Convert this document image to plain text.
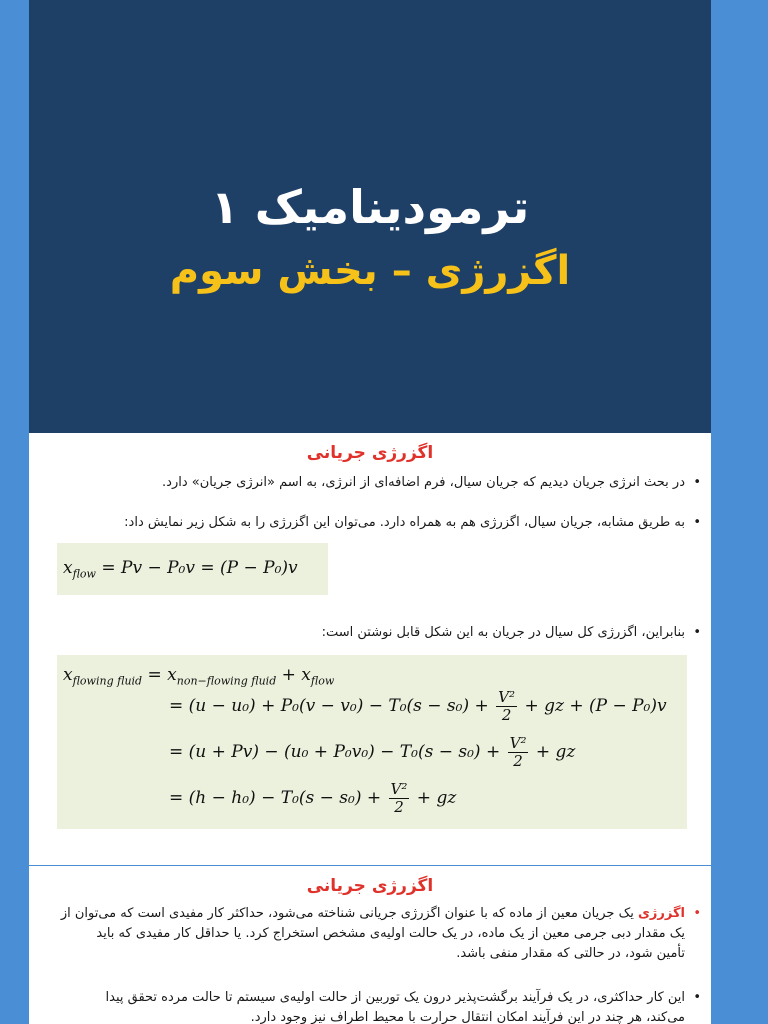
ترمودینامیک ۱
اگزرژی – بخش سوم
اگزرژی جریانی
•در بحث انرژی جریان دیدیم که جریان سیال، فرم اضافه‌ای از انرژی، به اسم «انرژی جریان» دارد.
•به طریق مشابه، جریان سیال، اگزرژی هم به همراه دارد. می‌توان این اگزرژی را به شکل زیر نمایش داد:
$x_{flow} = Pv - P_0v = (P - P_0)v$
•بنابراین، اگزرژی کل سیال در جریان به این شکل قابل نوشتن است:
$x_{flowing fluid} = x_{non-flowing fluid} + x_{flow}$
= $(u - u_0) + P_0(v - v_0) - T_0(s - s_0) + \frac{\text{V²}}{2}$ + gz + (P − P₀)v
= $(u + Pv) - (u_0 + P_0v_0) - T_0(s - s_0) + \frac{\text{V²}}{2}$ + gz
= $(h - h_0) - T_0(s - s_0) + \frac{\text{V²}}{2}$ + gz
اگزرژی جریانی
•اگزرژی یک جریان معین از ماده که با عنوان اگزرژی جریانی شناخته می‌شود، حداکثر کار مفیدی است که می‌توان از
یک مقدار دبی جرمی معین از یک ماده، در یک حالت اولیه‌ی مشخص استخراج کرد. یا حداقل کار مفیدی که باید
تأمین شود، در حالتی که مقدار منفی باشد.
•این کار حداکثری، در یک فرآیند برگشت‌پذیر درون یک توربین از حالت اولیه‌ی سیستم تا حالت مرده تحقق پیدا
می‌کند، هر چند در این فرآیند امکان انتقال حرارت با محیط اطراف نیز وجود دارد.
